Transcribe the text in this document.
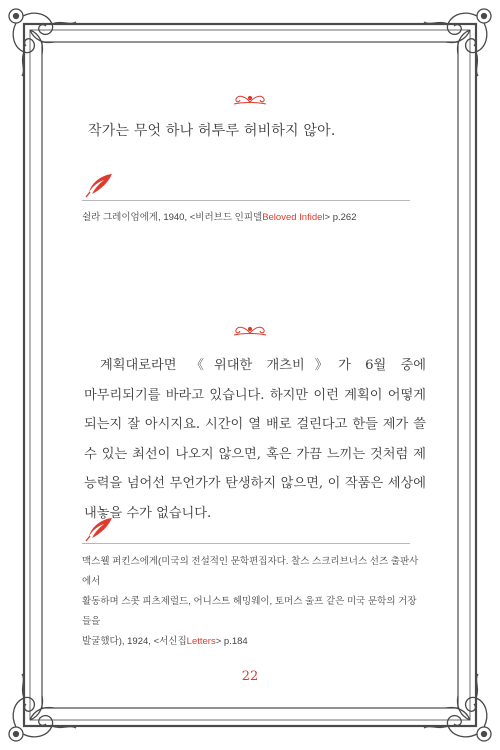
작가는 무엇 하나 허투루 허비하지 않아.
쉴라 그레이엄에게, 1940, <비러브드 인피델Beloved Infidel> p.262
계획대로라면 《위대한 개츠비》가 6월 중에 마무리되기를 바라고 있습니다. 하지만 이런 계획이 어떻게 되는지 잘 아시지요. 시간이 열 배로 걸린다고 한들 제가 쓸 수 있는 최선이 나오지 않으면, 혹은 가끔 느끼는 것처럼 제 능력을 넘어선 무언가가 탄생하지 않으면, 이 작품은 세상에 내놓을 수가 없습니다.
맥스웰 퍼킨스에게(미국의 전설적인 문학편집자다. 찰스 스크리브너스 선즈 출판사에서
활동하며 스콧 피츠제럴드, 어니스트 헤밍웨이, 토머스 울프 같은 미국 문학의 거장들을
발굴했다), 1924, <서신집Letters> p.184
22
